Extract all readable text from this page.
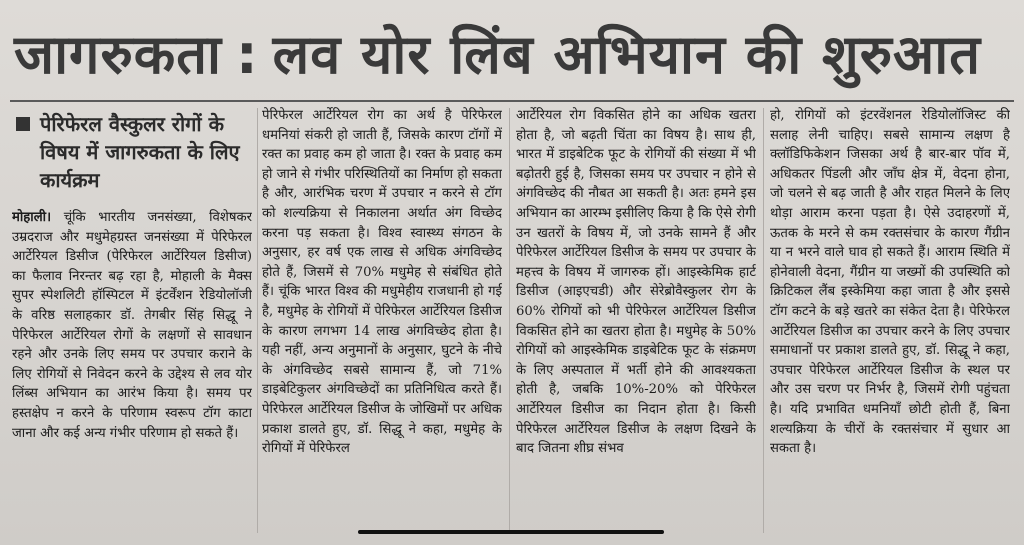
जागरुकता : लव योर लिंब अभियान की शुरुआत
पेरिफेरल वैस्कुलर रोगों के विषय में जागरुकता के लिए कार्यक्रम
मोहाली। चूंकि भारतीय जनसंख्या, विशेषकर उम्रदराज और मधुमेहग्रस्त जनसंख्या में पेरिफेरल आर्टेरियल डिसीज (पेरिफेरल आर्टेरियल डिसीज) का फैलाव निरन्तर बढ़ रहा है, मोहाली के मैक्स सुपर स्पेशलिटी हॉस्पिटल में इंटर्वेंशन रेडियोलॉजी के वरिष्ठ सलाहकार डॉ. तेगबीर सिंह सिद्धू ने पेरिफेरल आर्टेरियल रोगों के लक्षणों से सावधान रहने और उनके लिए समय पर उपचार कराने के लिए रोगियों से निवेदन करने के उद्देश्य से लव योर लिंब्स अभियान का आरंभ किया है। समय पर हस्तक्षेप न करने के परिणाम स्वरूप टॉग काटा जाना और कई अन्य गंभीर परिणाम हो सकते हैं।
पेरिफेरल आर्टेरियल रोग का अर्थ है पेरिफेरल धमनियां संकरी हो जाती हैं, जिसके कारण टॉगों में रक्त का प्रवाह कम हो जाता है। रक्त के प्रवाह कम हो जाने से गंभीर परिस्थितियों का निर्माण हो सकता है और, आरंभिक चरण में उपचार न करने से टॉग को शल्यक्रिया से निकालना अर्थात अंग विच्छेद करना पड़ सकता है। विश्व स्वास्थ्य संगठन के अनुसार, हर वर्ष एक लाख से अधिक अंगविच्छेद होते हैं, जिसमें से 70% मधुमेह से संबंधित होते हैं। चूंकि भारत विश्व की मधुमेहीय राजधानी हो गई है, मधुमेह के रोगियों में पेरिफेरल आर्टेरियल डिसीज के कारण लगभग 14 लाख अंगविच्छेद होता है। यही नहीं, अन्य अनुमानों के अनुसार, घुटने के नीचे के अंगविच्छेद सबसे सामान्य हैं, जो 71% डाइबेटिकुलर अंगविच्छेदों का प्रतिनिधित्व करते हैं। पेरिफेरल आर्टेरियल डिसीज के जोखिमों पर अधिक प्रकाश डालते हुए, डॉ. सिद्धू ने कहा, मधुमेह के रोगियों में पेरिफेरल
आर्टेरियल रोग विकसित होने का अधिक खतरा होता है, जो बढ़ती चिंता का विषय है। साथ ही, भारत में डाइबेटिक फूट के रोगियों की संख्या में भी बढ़ोतरी हुई है, जिसका समय पर उपचार न होने से अंगविच्छेद की नौबत आ सकती है। अतः हमने इस अभियान का आरम्भ इसीलिए किया है कि ऐसे रोगी उन खतरों के विषय में, जो उनके सामने हैं और पेरिफेरल आर्टेरियल डिसीज के समय पर उपचार के महत्त्व के विषय में जागरुक हों। आइस्केमिक हार्ट डिसीज (आइएचडी) और सेरेब्रोवैस्कुलर रोग के 60% रोगियों को भी पेरिफेरल आर्टेरियल डिसीज विकसित होने का खतरा होता है। मधुमेह के 50% रोगियों को आइस्केमिक डाइबेटिक फूट के संक्रमण के लिए अस्पताल में भर्ती होने की आवश्यकता होती है, जबकि 10%-20% को पेरिफेरल आर्टेरियल डिसीज का निदान होता है। किसी पेरिफेरल आर्टेरियल डिसीज के लक्षण दिखने के बाद जितना शीघ्र संभव
हो, रोगियों को इंटरवेंशनल रेडियोलॉजिस्ट की सलाह लेनी चाहिए। सबसे सामान्य लक्षण है क्लॉडिफिकेशन जिसका अर्थ है बार-बार पॉव में, अधिकतर पिंडली और जाँघ क्षेत्र में, वेदना होना, जो चलने से बढ़ जाती है और राहत मिलने के लिए थोड़ा आराम करना पड़ता है। ऐसे उदाहरणों में, ऊतक के मरने से कम रक्तसंचार के कारण गैंग्रीन या न भरने वाले घाव हो सकते हैं। आराम स्थिति में होनेवाली वेदना, गैंग्रीन या जख्मों की उपस्थिति को क्रिटिकल लैंब इस्केमिया कहा जाता है और इससे टॉग कटने के बड़े खतरे का संकेत देता है। पेरिफेरल आर्टेरियल डिसीज का उपचार करने के लिए उपचार समाधानों पर प्रकाश डालते हुए, डॉ. सिद्धू ने कहा, उपचार पेरिफेरल आर्टेरियल डिसीज के स्थल पर और उस चरण पर निर्भर है, जिसमें रोगी पहुंचता है। यदि प्रभावित धमनियाँ छोटी होती हैं, बिना शल्यक्रिया के चीरों के रक्तसंचार में सुधार आ सकता है।
